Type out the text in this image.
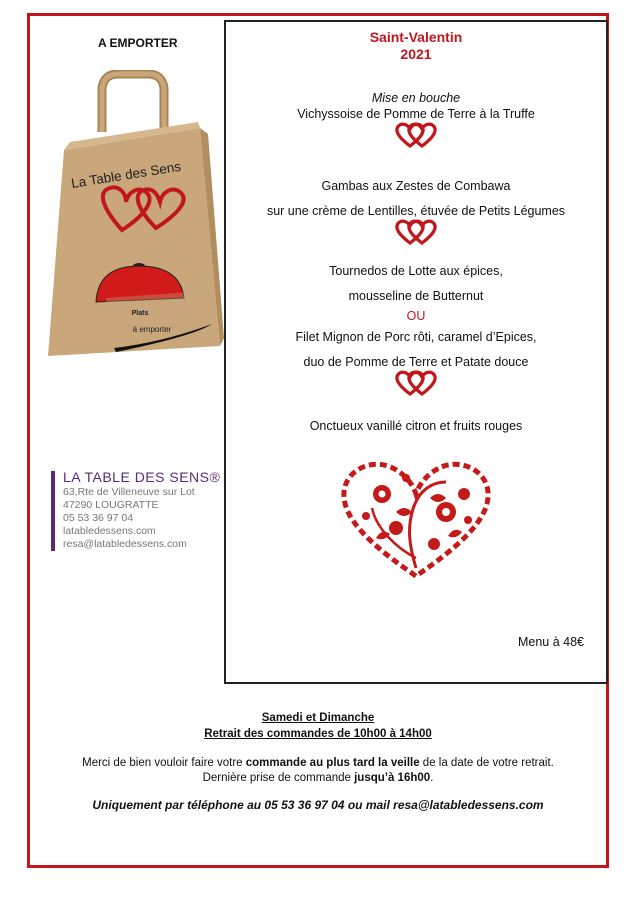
A EMPORTER
La Table des Sens
Plats
à emporter
LA TABLE DES SENS®
63,Rte de Villeneuve sur Lot
47290 LOUGRATTE
05 53 36 97 04
latabledessens.com
resa@latabledessens.com
Saint-Valentin
2021
Mise en bouche
Vichyssoise de Pomme de Terre à la Truffe
Gambas aux Zestes de Combawa
sur une crème de Lentilles, étuvée de Petits Légumes
Tournedos de Lotte aux épices,
mousseline de Butternut
OU
Filet Mignon de Porc rôti, caramel d’Epices,
duo de Pomme de Terre et Patate douce
Onctueux vanillé citron et fruits rouges
Menu à 48€
Samedi et Dimanche
Retrait des commandes de 10h00 à 14h00
Merci de bien vouloir faire votre commande au plus tard la veille de la date de votre retrait.
Dernière prise de commande jusqu’à 16h00.
Uniquement par téléphone au 05 53 36 97 04 ou mail resa@latabledessens.com
